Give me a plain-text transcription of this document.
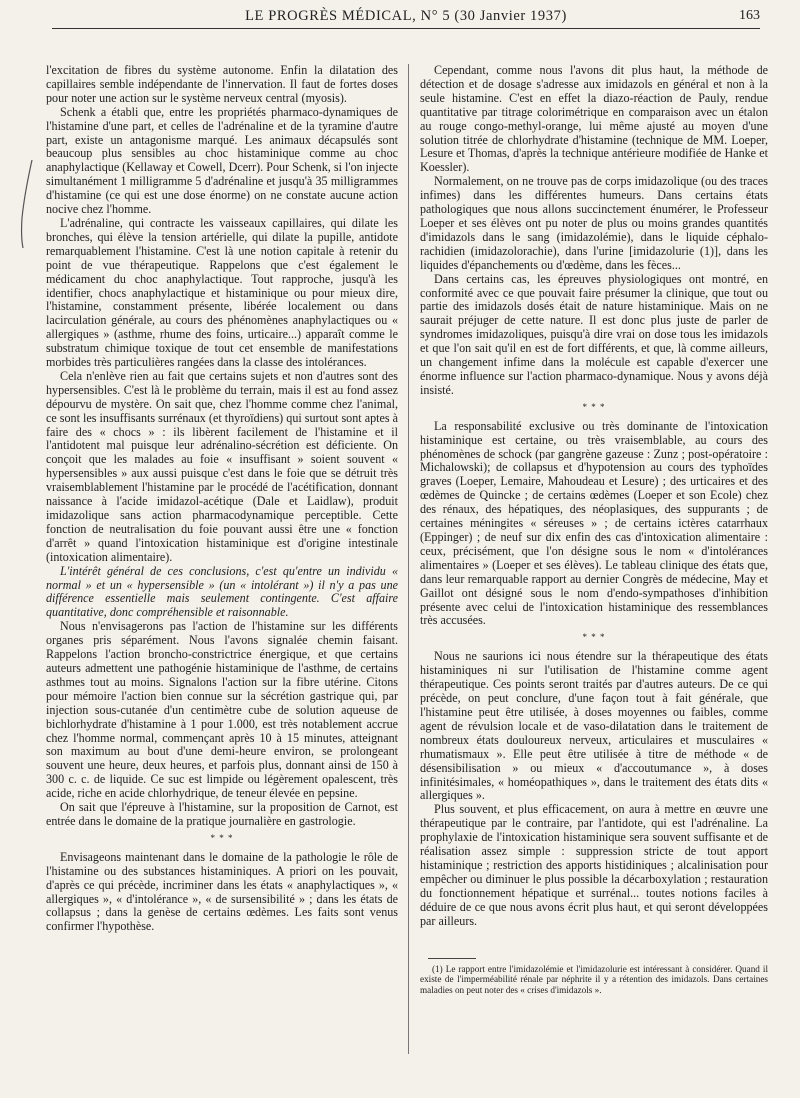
LE PROGRÈS MÉDICAL, N° 5 (30 Janvier 1937)	163

l'excitation de fibres du système autonome. Enfin la dilatation des capillaires semble indépendante de l'innervation. Il faut de fortes doses pour noter une action sur le système nerveux central (myosis).

Schenk a établi que, entre les propriétés pharmaco-dynamiques de l'histamine d'une part, et celles de l'adrénaline et de la tyramine d'autre part, existe un antagonisme marqué. Les animaux décapsulés sont beaucoup plus sensibles au choc histaminique comme au choc anaphylactique (Kellaway et Cowell, Dcerr). Pour Schenk, si l'on injecte simultanément 1 milligramme 5 d'adrénaline et jusqu'à 35 milligrammes d'histamine (ce qui est une dose énorme) on ne constate aucune action nocive chez l'homme.

L'adrénaline, qui contracte les vaisseaux capillaires, qui dilate les bronches, qui élève la tension artérielle, qui dilate la pupille, antidote remarquablement l'histamine. C'est là une notion capitale à retenir du point de vue thérapeutique. Rappelons que c'est également le médicament du choc anaphylactique. Tout rapproche, jusqu'à les identifier, chocs anaphylactique et histaminique ou pour mieux dire, l'histamine, constamment présente, libérée localement ou dans lacirculation générale, au cours des phénomènes anaphylactiques ou « allergiques » (asthme, rhume des foins, urticaire...) apparaît comme le substratum chimique toxique de tout cet ensemble de manifestations morbides très particulières rangées dans la classe des intolérances.

Cela n'enlève rien au fait que certains sujets et non d'autres sont des hypersensibles. C'est là le problème du terrain, mais il est au fond assez dépourvu de mystère. On sait que, chez l'homme comme chez l'animal, ce sont les insuffisants surrénaux (et thyroïdiens) qui surtout sont aptes à faire des « chocs » : ils libèrent facilement de l'histamine et il l'antidotent mal puisque leur adrénalino-sécrétion est déficiente. On conçoit que les malades au foie « insuffisant » soient souvent « hypersensibles » aux aussi puisque c'est dans le foie que se détruit très vraisemblablement l'histamine par le procédé de l'acétification, donnant naissance à l'acide imidazol-acétique (Dale et Laidlaw), produit imidazolique sans action pharmacodynamique perceptible. Cette fonction de neutralisation du foie pouvant aussi être une « fonction d'arrêt » quand l'intoxication histaminique est d'origine intestinale (intoxication alimentaire).

L'intérêt général de ces conclusions, c'est qu'entre un individu « normal » et un « hypersensible » (un « intolérant ») il n'y a pas une différence essentielle mais seulement contingente. C'est affaire quantitative, donc compréhensible et raisonnable.

Nous n'envisagerons pas l'action de l'histamine sur les différents organes pris séparément. Nous l'avons signalée chemin faisant. Rappelons l'action broncho-constrictrice énergique, et que certains auteurs admettent une pathogénie histaminique de l'asthme, de certains asthmes tout au moins. Signalons l'action sur la fibre utérine. Citons pour mémoire l'action bien connue sur la sécrétion gastrique qui, par injection sous-cutanée d'un centimètre cube de solution aqueuse de bichlorhydrate d'histamine à 1 pour 1.000, est très notablement accrue chez l'homme normal, commençant après 10 à 15 minutes, atteignant son maximum au bout d'une demi-heure environ, se prolongeant souvent une heure, deux heures, et parfois plus, donnant ainsi de 150 à 300 c. c. de liquide. Ce suc est limpide ou légèrement opalescent, très acide, riche en acide chlorhydrique, de teneur élevée en pepsine.

On sait que l'épreuve à l'histamine, sur la proposition de Carnot, est entrée dans le domaine de la pratique journalière en gastrologie.

* * *

Envisageons maintenant dans le domaine de la pathologie le rôle de l'histamine ou des substances histaminiques. A priori on les pouvait, d'après ce qui précède, incriminer dans les états « anaphylactiques », « allergiques », « d'intolérance », « de sursensibilité » ; dans les états de collapsus ; dans la genèse de certains œdèmes. Les faits sont venus confirmer l'hypothèse.

Cependant, comme nous l'avons dit plus haut, la méthode de détection et de dosage s'adresse aux imidazols en général et non à la seule histamine. C'est en effet la diazo-réaction de Pauly, rendue quantitative par titrage colorimétrique en comparaison avec un étalon au rouge congo-methyl-orange, lui même ajusté au moyen d'une solution titrée de chlorhydrate d'histamine (technique de MM. Loeper, Lesure et Thomas, d'après la technique antérieure modifiée de Hanke et Koessler).

Normalement, on ne trouve pas de corps imidazolique (ou des traces infimes) dans les différentes humeurs. Dans certains états pathologiques que nous allons succinctement énumérer, le Professeur Loeper et ses élèves ont pu noter de plus ou moins grandes quantités d'imidazols dans le sang (imidazolémie), dans le liquide céphalo-rachidien (imidazolorachie), dans l'urine [imidazolurie (1)], dans les liquides d'épanchements ou d'œdème, dans les fèces...

Dans certains cas, les épreuves physiologiques ont montré, en conformité avec ce que pouvait faire présumer la clinique, que tout ou partie des imidazols dosés était de nature histaminique. Mais on ne saurait préjuger de cette nature. Il est donc plus juste de parler de syndromes imidazoliques, puisqu'à dire vrai on dose tous les imidazols et que l'on sait qu'il en est de fort différents, et que, là comme ailleurs, un changement infime dans la molécule est capable d'exercer une énorme influence sur l'action pharmaco-dynamique. Nous y avons déjà insisté.

* * *

La responsabilité exclusive ou très dominante de l'intoxication histaminique est certaine, ou très vraisemblable, au cours des phénomènes de schock (par gangrène gazeuse : Zunz ; post-opératoire : Michalowski); de collapsus et d'hypotension au cours des typhoïdes graves (Loeper, Lemaire, Mahoudeau et Lesure) ; des urticaires et des œdèmes de Quincke ; de certains œdèmes (Loeper et son Ecole) chez des rénaux, des hépatiques, des néoplasiques, des suppurants ; de certaines méningites « séreuses » ; de certains ictères catarrhaux (Eppinger) ; de neuf sur dix enfin des cas d'intoxication alimentaire : ceux, précisément, que l'on désigne sous le nom « d'intolérances alimentaires » (Loeper et ses élèves). Le tableau clinique des états que, dans leur remarquable rapport au dernier Congrès de médecine, May et Gaillot ont désigné sous le nom d'endo-sympathoses d'inhibition présente avec celui de l'intoxication histaminique des ressemblances très accusées.

* * *

Nous ne saurions ici nous étendre sur la thérapeutique des états histaminiques ni sur l'utilisation de l'histamine comme agent thérapeutique. Ces points seront traités par d'autres auteurs. De ce qui précède, on peut conclure, d'une façon tout à fait générale, que l'histamine peut être utilisée, à doses moyennes ou faibles, comme agent de révulsion locale et de vaso-dilatation dans le traitement de nombreux états douloureux nerveux, articulaires et musculaires « rhumatismaux ». Elle peut être utilisée à titre de méthode « de désensibilisation » ou mieux « d'accoutumance », à doses infinitésimales, « homéopathiques », dans le traitement des états dits « allergiques ».

Plus souvent, et plus efficacement, on aura à mettre en œuvre une thérapeutique par le contraire, par l'antidote, qui est l'adrénaline. La prophylaxie de l'intoxication histaminique sera souvent suffisante et de réalisation assez simple : suppression stricte de tout apport histaminique ; restriction des apports histidiniques ; alcalinisation pour empêcher ou diminuer le plus possible la décarboxylation ; restauration du fonctionnement hépatique et surrénal... toutes notions faciles à déduire de ce que nous avons écrit plus haut, et qui seront développées par ailleurs.

(1) Le rapport entre l'imidazolémie et l'imidazolurie est intéressant à considérer. Quand il existe de l'imperméabilité rénale par néphrite il y a rétention des imidazols. Dans certaines maladies on peut noter des « crises d'imidazols ».
